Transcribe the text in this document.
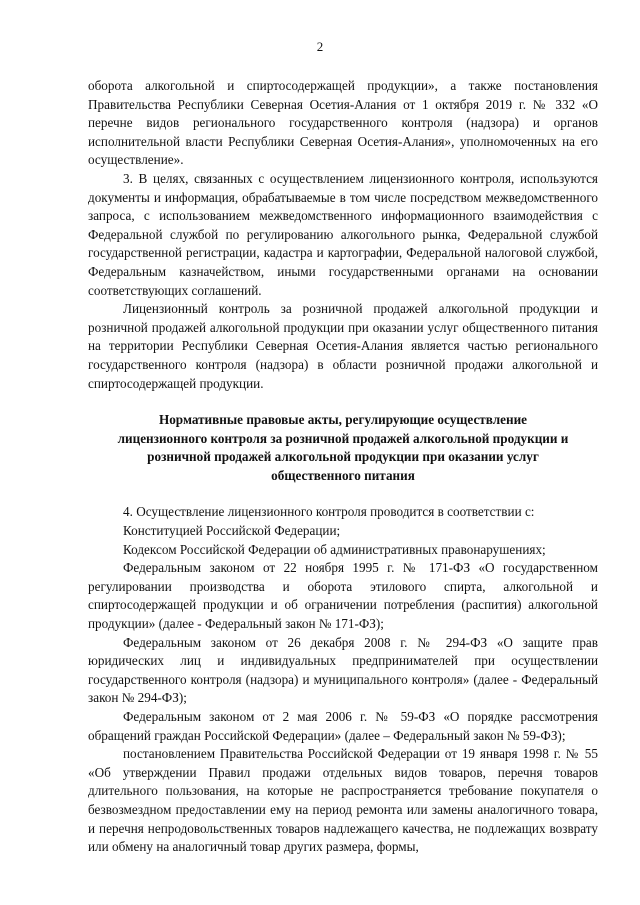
2

оборота алкогольной и спиртосодержащей продукции», а также постановления Правительства Республики Северная Осетия-Алания от 1 октября 2019 г. № 332 «О перечне видов регионального государственного контроля (надзора) и органов исполнительной власти Республики Северная Осетия-Алания», уполномоченных на его осуществление».

3. В целях, связанных с осуществлением лицензионного контроля, используются документы и информация, обрабатываемые в том числе посредством межведомственного запроса, с использованием межведомственного информационного взаимодействия с Федеральной службой по регулированию алкогольного рынка, Федеральной службой государственной регистрации, кадастра и картографии, Федеральной налоговой службой, Федеральным казначейством, иными государственными органами на основании соответствующих соглашений.

Лицензионный контроль за розничной продажей алкогольной продукции и розничной продажей алкогольной продукции при оказании услуг общественного питания на территории Республики Северная Осетия-Алания является частью регионального государственного контроля (надзора) в области розничной продажи алкогольной и спиртосодержащей продукции.

Нормативные правовые акты, регулирующие осуществление
лицензионного контроля за розничной продажей алкогольной продукции и
розничной продажей алкогольной продукции при оказании услуг
общественного питания

4. Осуществление лицензионного контроля проводится в соответствии с:

Конституцией Российской Федерации;

Кодексом Российской Федерации об административных правонарушениях;

Федеральным законом от 22 ноября 1995 г. № 171-ФЗ «О государственном регулировании производства и оборота этилового спирта, алкогольной и спиртосодержащей продукции и об ограничении потребления (распития) алкогольной продукции» (далее - Федеральный закон № 171-ФЗ);

Федеральным законом от 26 декабря 2008 г. № 294-ФЗ «О защите прав юридических лиц и индивидуальных предпринимателей при осуществлении государственного контроля (надзора) и муниципального контроля» (далее - Федеральный закон № 294-ФЗ);

Федеральным законом от 2 мая 2006 г. № 59-ФЗ «О порядке рассмотрения обращений граждан Российской Федерации» (далее – Федеральный закон № 59-ФЗ);

постановлением Правительства Российской Федерации от 19 января 1998 г. № 55 «Об утверждении Правил продажи отдельных видов товаров, перечня товаров длительного пользования, на которые не распространяется требование покупателя о безвозмездном предоставлении ему на период ремонта или замены аналогичного товара, и перечня непродовольственных товаров надлежащего качества, не подлежащих возврату или обмену на аналогичный товар других размера, формы,
